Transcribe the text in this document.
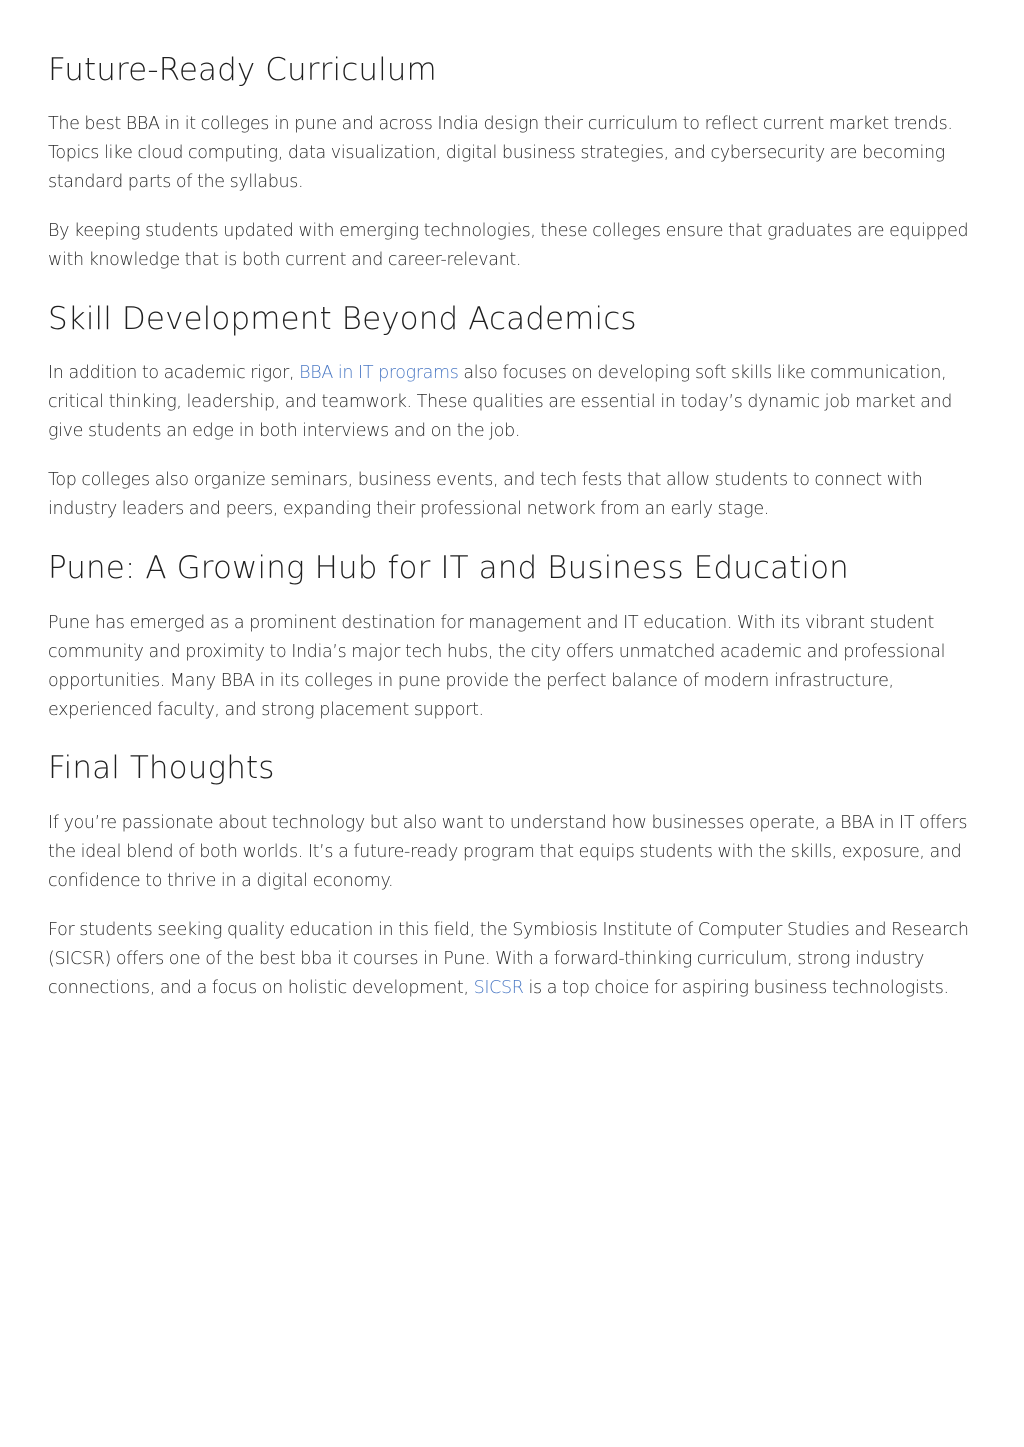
Future-Ready Curriculum

The best BBA in it colleges in pune and across India design their curriculum to reflect current market trends. Topics like cloud computing, data visualization, digital business strategies, and cybersecurity are becoming standard parts of the syllabus.

By keeping students updated with emerging technologies, these colleges ensure that graduates are equipped with knowledge that is both current and career-relevant.

Skill Development Beyond Academics

In addition to academic rigor, BBA in IT programs also focuses on developing soft skills like communication, critical thinking, leadership, and teamwork. These qualities are essential in today’s dynamic job market and give students an edge in both interviews and on the job.

Top colleges also organize seminars, business events, and tech fests that allow students to connect with industry leaders and peers, expanding their professional network from an early stage.

Pune: A Growing Hub for IT and Business Education

Pune has emerged as a prominent destination for management and IT education. With its vibrant student community and proximity to India’s major tech hubs, the city offers unmatched academic and professional opportunities. Many BBA in its colleges in pune provide the perfect balance of modern infrastructure, experienced faculty, and strong placement support.

Final Thoughts

If you’re passionate about technology but also want to understand how businesses operate, a BBA in IT offers the ideal blend of both worlds. It’s a future-ready program that equips students with the skills, exposure, and confidence to thrive in a digital economy.

For students seeking quality education in this field, the Symbiosis Institute of Computer Studies and Research (SICSR) offers one of the best bba it courses in Pune. With a forward-thinking curriculum, strong industry connections, and a focus on holistic development, SICSR is a top choice for aspiring business technologists.
